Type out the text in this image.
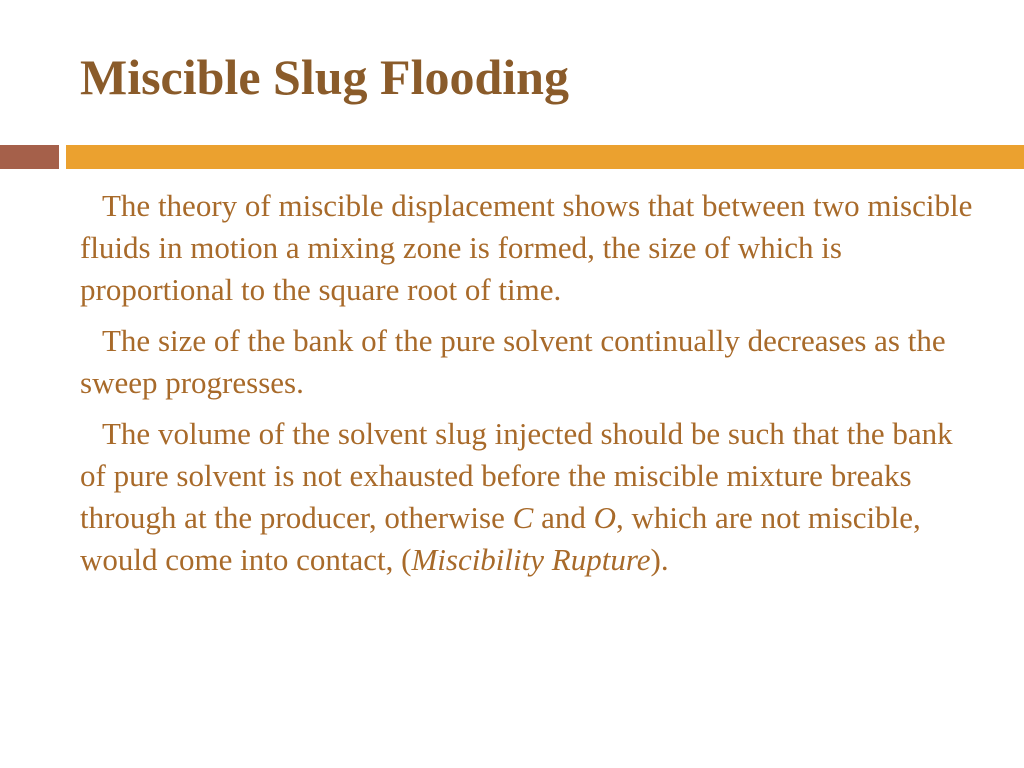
Miscible Slug Flooding

The theory of miscible displacement shows that between two miscible fluids in motion a mixing zone is formed, the size of which is proportional to the square root of time.

The size of the bank of the pure solvent continually decreases as the sweep progresses.

The volume of the solvent slug injected should be such that the bank of pure solvent is not exhausted before the miscible mixture breaks through at the producer, otherwise C and O, which are not miscible, would come into contact, (Miscibility Rupture).
